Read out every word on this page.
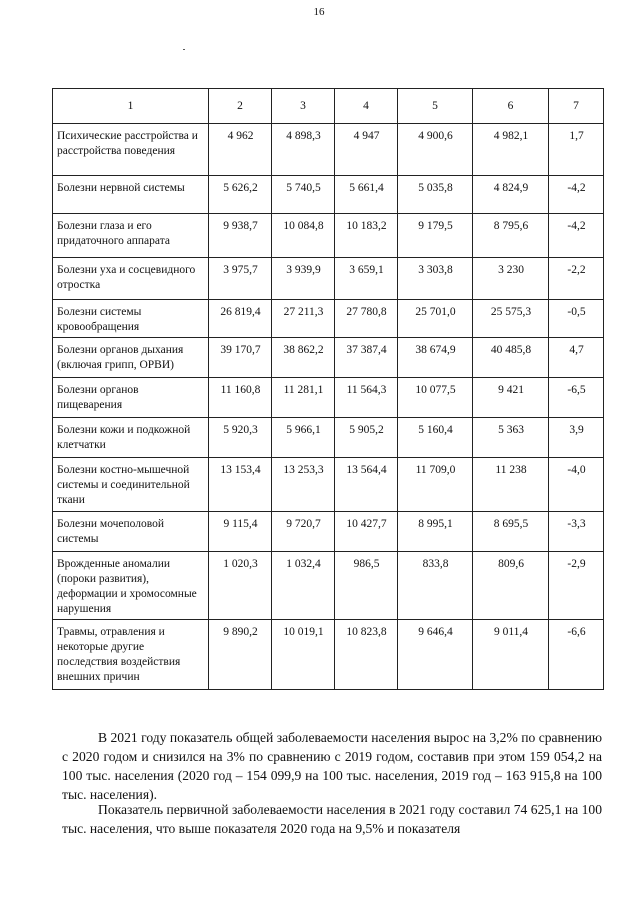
16
1	2	3	4	5	6	7
Психические расстройства и расстройства поведения	4 962	4 898,3	4 947	4 900,6	4 982,1	1,7
Болезни нервной системы	5 626,2	5 740,5	5 661,4	5 035,8	4 824,9	-4,2
Болезни глаза и его придаточного аппарата	9 938,7	10 084,8	10 183,2	9 179,5	8 795,6	-4,2
Болезни уха и сосцевидного отростка	3 975,7	3 939,9	3 659,1	3 303,8	3 230	-2,2
Болезни системы кровообращения	26 819,4	27 211,3	27 780,8	25 701,0	25 575,3	-0,5
Болезни органов дыхания (включая грипп, ОРВИ)	39 170,7	38 862,2	37 387,4	38 674,9	40 485,8	4,7
Болезни органов пищеварения	11 160,8	11 281,1	11 564,3	10 077,5	9 421	-6,5
Болезни кожи и подкожной клетчатки	5 920,3	5 966,1	5 905,2	5 160,4	5 363	3,9
Болезни костно-мышечной системы и соединительной ткани	13 153,4	13 253,3	13 564,4	11 709,0	11 238	-4,0
Болезни мочеполовой системы	9 115,4	9 720,7	10 427,7	8 995,1	8 695,5	-3,3
Врожденные аномалии (пороки развития), деформации и хромосомные нарушения	1 020,3	1 032,4	986,5	833,8	809,6	-2,9
Травмы, отравления и некоторые другие последствия воздействия внешних причин	9 890,2	10 019,1	10 823,8	9 646,4	9 011,4	-6,6
В 2021 году показатель общей заболеваемости населения вырос на 3,2% по сравнению с 2020 годом и снизился на 3% по сравнению с 2019 годом, составив при этом 159 054,2 на 100 тыс. населения (2020 год – 154 099,9 на 100 тыс. населения, 2019 год – 163 915,8 на 100 тыс. населения).
Показатель первичной заболеваемости населения в 2021 году составил 74 625,1 на 100 тыс. населения, что выше показателя 2020 года на 9,5% и показателя
